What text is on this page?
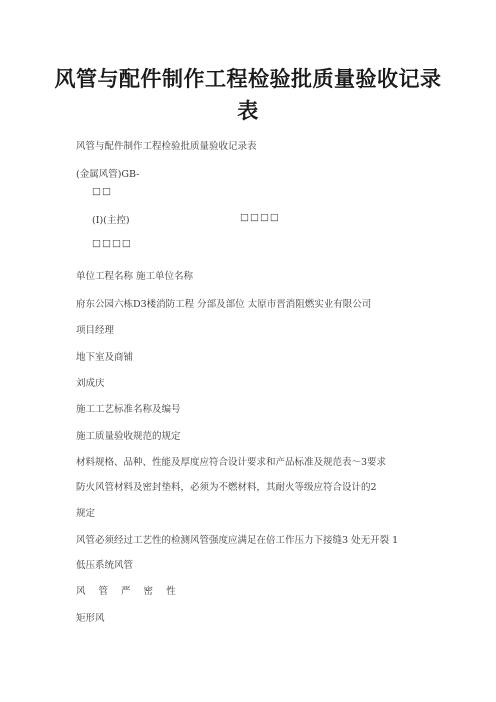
风管与配件制作工程检验批质量验收记录
表
风管与配件制作工程检验批质量验收记录表
(金属风管)GB-
□□
(Ⅰ)(主控)	□□□□
□□□□
单位工程名称 施工单位名称
府东公园六栋D3楼消防工程 分部及部位 太原市晋消阻燃实业有限公司
项目经理
地下室及商铺
刘成庆
施工工艺标准名称及编号
施工质量验收规范的规定
材料规格、品种、性能及厚度应符合设计要求和产品标准及规范表～3要求
防火风管材料及密封垫料，必须为不燃材料，其耐火等级应符合设计的2
规定
风管必须经过工艺性的检测风管强度应满足在倍工作压力下接缝3 处无开裂 1
低压系统风管
风 管 严 密 性
矩形风
